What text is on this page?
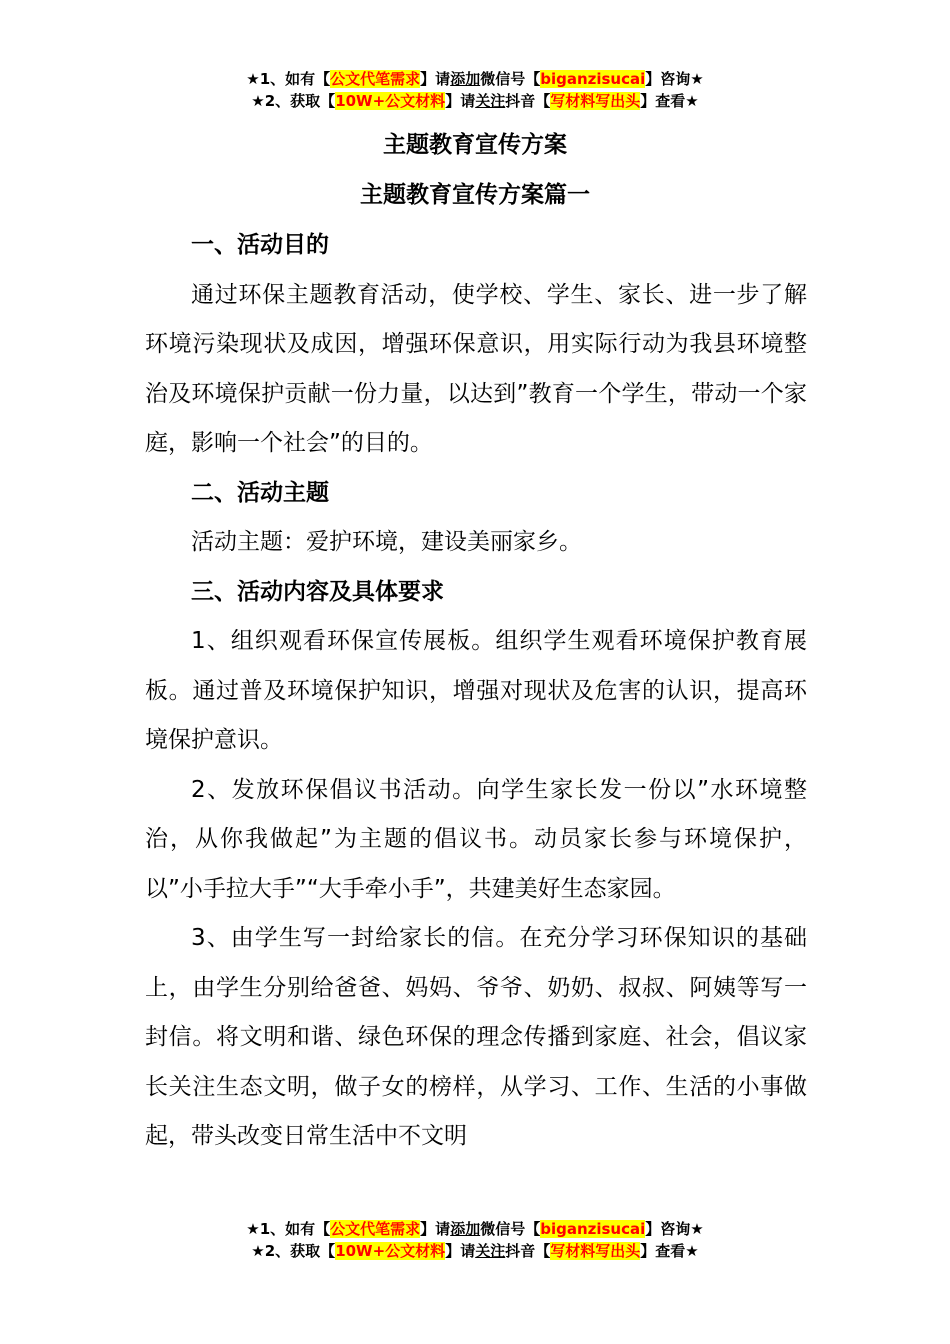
★1、如有【公文代笔需求】请添加微信号【biganzisucai】咨询★
★2、获取【10W+公文材料】请关注抖音【写材料写出头】查看★
主题教育宣传方案
主题教育宣传方案篇一

一、活动目的

通过环保主题教育活动，使学校、学生、家长、进一步了解环境污染现状及成因，增强环保意识，用实际行动为我县环境整治及环境保护贡献一份力量，以达到”教育一个学生，带动一个家庭，影响一个社会”的目的。

二、活动主题

活动主题：爱护环境，建设美丽家乡。

三、活动内容及具体要求

1、组织观看环保宣传展板。组织学生观看环境保护教育展板。通过普及环境保护知识，增强对现状及危害的认识，提高环境保护意识。

2、发放环保倡议书活动。向学生家长发一份以”水环境整治，从你我做起”为主题的倡议书。动员家长参与环境保护，以”小手拉大手”“大手牵小手”，共建美好生态家园。

3、由学生写一封给家长的信。在充分学习环保知识的基础上，由学生分别给爸爸、妈妈、爷爷、奶奶、叔叔、阿姨等写一封信。将文明和谐、绿色环保的理念传播到家庭、社会，倡议家长关注生态文明，做子女的榜样，从学习、工作、生活的小事做起，带头改变日常生活中不文明

★1、如有【公文代笔需求】请添加微信号【biganzisucai】咨询★
★2、获取【10W+公文材料】请关注抖音【写材料写出头】查看★
